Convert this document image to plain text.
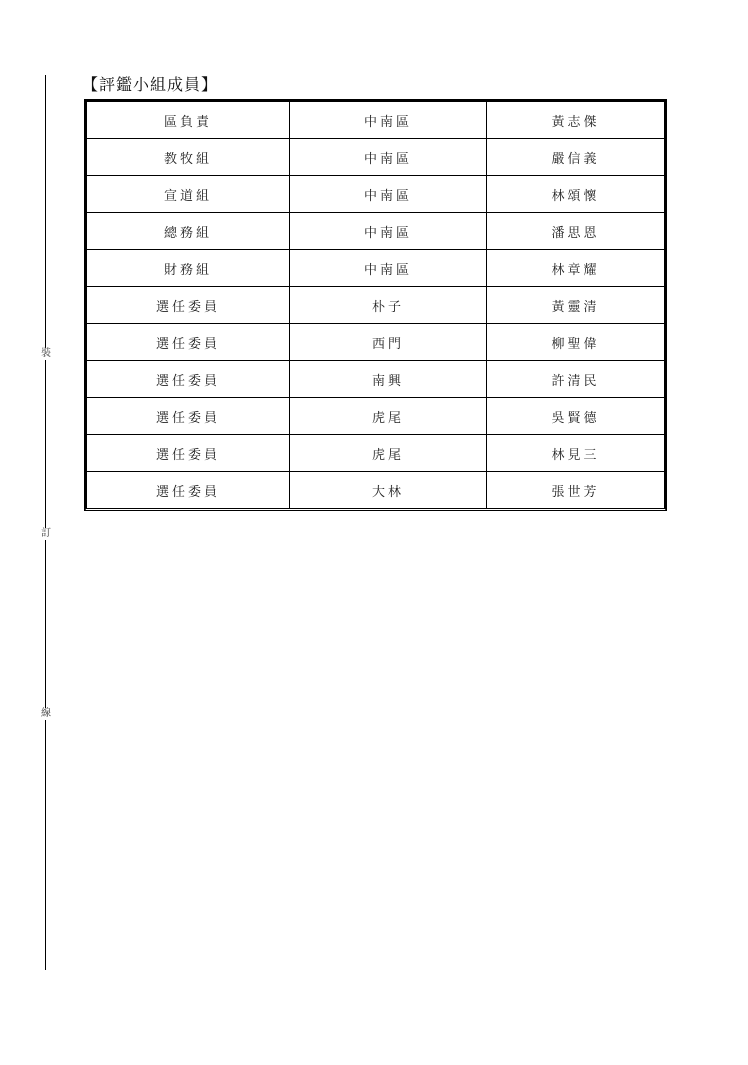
裝
訂
線
【評鑑小組成員】
區負責	中南區	黃志傑
教牧組	中南區	嚴信義
宣道組	中南區	林頌懷
總務組	中南區	潘思恩
財務組	中南區	林章耀
選任委員	朴子	黃靈清
選任委員	西門	柳聖偉
選任委員	南興	許清民
選任委員	虎尾	吳賢德
選任委員	虎尾	林見三
選任委員	大林	張世芳
